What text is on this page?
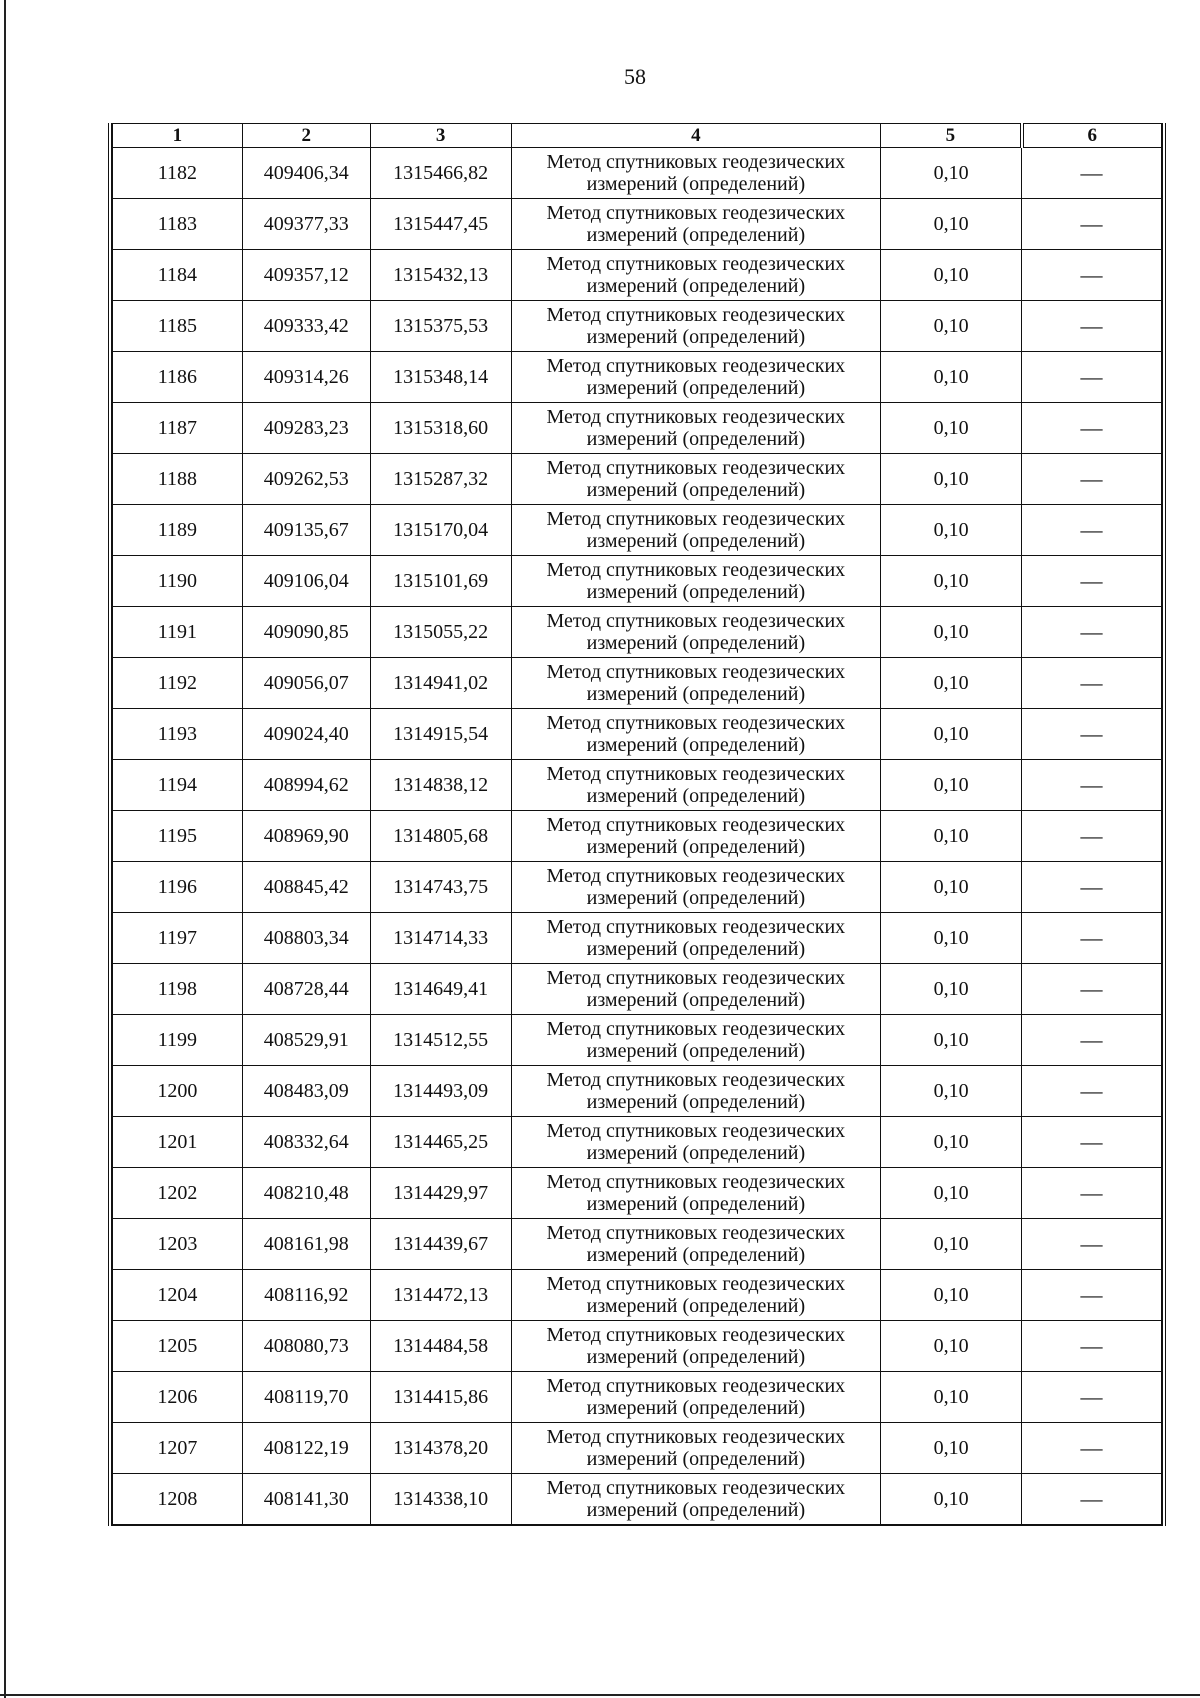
58
1	2	3	4	5	6
1182	409406,34	1315466,82	Метод спутниковых геодезических
измерений (определений)	0,10	—
1183	409377,33	1315447,45	Метод спутниковых геодезических
измерений (определений)	0,10	—
1184	409357,12	1315432,13	Метод спутниковых геодезических
измерений (определений)	0,10	—
1185	409333,42	1315375,53	Метод спутниковых геодезических
измерений (определений)	0,10	—
1186	409314,26	1315348,14	Метод спутниковых геодезических
измерений (определений)	0,10	—
1187	409283,23	1315318,60	Метод спутниковых геодезических
измерений (определений)	0,10	—
1188	409262,53	1315287,32	Метод спутниковых геодезических
измерений (определений)	0,10	—
1189	409135,67	1315170,04	Метод спутниковых геодезических
измерений (определений)	0,10	—
1190	409106,04	1315101,69	Метод спутниковых геодезических
измерений (определений)	0,10	—
1191	409090,85	1315055,22	Метод спутниковых геодезических
измерений (определений)	0,10	—
1192	409056,07	1314941,02	Метод спутниковых геодезических
измерений (определений)	0,10	—
1193	409024,40	1314915,54	Метод спутниковых геодезических
измерений (определений)	0,10	—
1194	408994,62	1314838,12	Метод спутниковых геодезических
измерений (определений)	0,10	—
1195	408969,90	1314805,68	Метод спутниковых геодезических
измерений (определений)	0,10	—
1196	408845,42	1314743,75	Метод спутниковых геодезических
измерений (определений)	0,10	—
1197	408803,34	1314714,33	Метод спутниковых геодезических
измерений (определений)	0,10	—
1198	408728,44	1314649,41	Метод спутниковых геодезических
измерений (определений)	0,10	—
1199	408529,91	1314512,55	Метод спутниковых геодезических
измерений (определений)	0,10	—
1200	408483,09	1314493,09	Метод спутниковых геодезических
измерений (определений)	0,10	—
1201	408332,64	1314465,25	Метод спутниковых геодезических
измерений (определений)	0,10	—
1202	408210,48	1314429,97	Метод спутниковых геодезических
измерений (определений)	0,10	—
1203	408161,98	1314439,67	Метод спутниковых геодезических
измерений (определений)	0,10	—
1204	408116,92	1314472,13	Метод спутниковых геодезических
измерений (определений)	0,10	—
1205	408080,73	1314484,58	Метод спутниковых геодезических
измерений (определений)	0,10	—
1206	408119,70	1314415,86	Метод спутниковых геодезических
измерений (определений)	0,10	—
1207	408122,19	1314378,20	Метод спутниковых геодезических
измерений (определений)	0,10	—
1208	408141,30	1314338,10	Метод спутниковых геодезических
измерений (определений)	0,10	—
